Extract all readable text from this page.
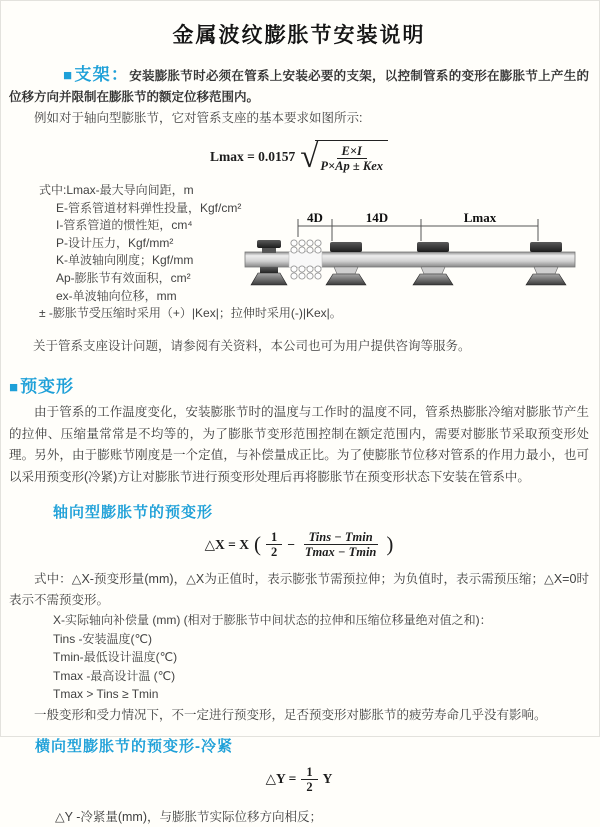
金属波纹膨胀节安装说明

■支架：安装膨胀节时必须在管系上安装必要的支架，以控制管系的变形在膨胀节上产生的位移方向并限制在膨胀节的额定位移范围内。

例如对于轴向型膨胀节，它对管系支座的基本要求如图所示:

Lmax = 0.0157 √
$\frac{E\times I}{\text{P×Ap ± Kex}}$
式中:Lmax-最大导向间距，m
E-管系管道材料弹性投量，Kgf/cm²
I-管系管道的惯性矩，cm⁴
P-设计压力，Kgf/mm²
K-单波轴向刚度；Kgf/mm
Ap-膨胀节有效面积，cm²
ex-单波轴向位移，mm
± -膨胀节受压缩时采用（+）|Kex|；拉伸时采用(-)|Kex|。
4D	14D	Lmax

关于管系支座设计问题，请参阅有关资料，本公司也可为用户提供咨询等服务。

■预变形

由于管系的工作温度变化，安装膨胀节时的温度与工作时的温度不同，管系热膨胀冷缩对膨胀节产生的拉伸、压缩量常常是不均等的，为了膨胀节变形范围控制在额定范围内，需要对膨胀节采取预变形处理。另外，由于膨账节刚度是一个定值，与补偿量成正比。为了使膨胀节位移对管系的作用力最小，也可以采用预变形(冷紧)方让对膨胀节进行预变形处理后再将膨胀节在预变形状态下安装在管系中。

轴向型膨胀节的预变形
△X = X ( $\frac{1}{2} - \frac{\text{Tins − Tmin}}{Tmax - Tmin}$ )

式中：△X-预变形量(mm)，△X为正值时，表示膨张节需预拉伸；为负值时，表示需预压缩；△X=0时表示不需预变形。

X-实际轴向补偿量 (mm) (相对于膨胀节中间状态的拉伸和压缩位移量绝对值之和)：
Tins -安装温度(℃)
Tmin-最低设计温度(℃)
Tmax -最高设计温 (℃)
Tmax > Tins ≥ Tmin

一般变形和受力情况下，不一定进行预变形，足否预变形对膨胀节的疲劳寿命几乎没有影响。

横向型膨胀节的预变形-冷紧
△Y = $\frac{1}{2}$ Y

△Y -冷紧量(mm)，与膨胀节实际位移方向相反；
